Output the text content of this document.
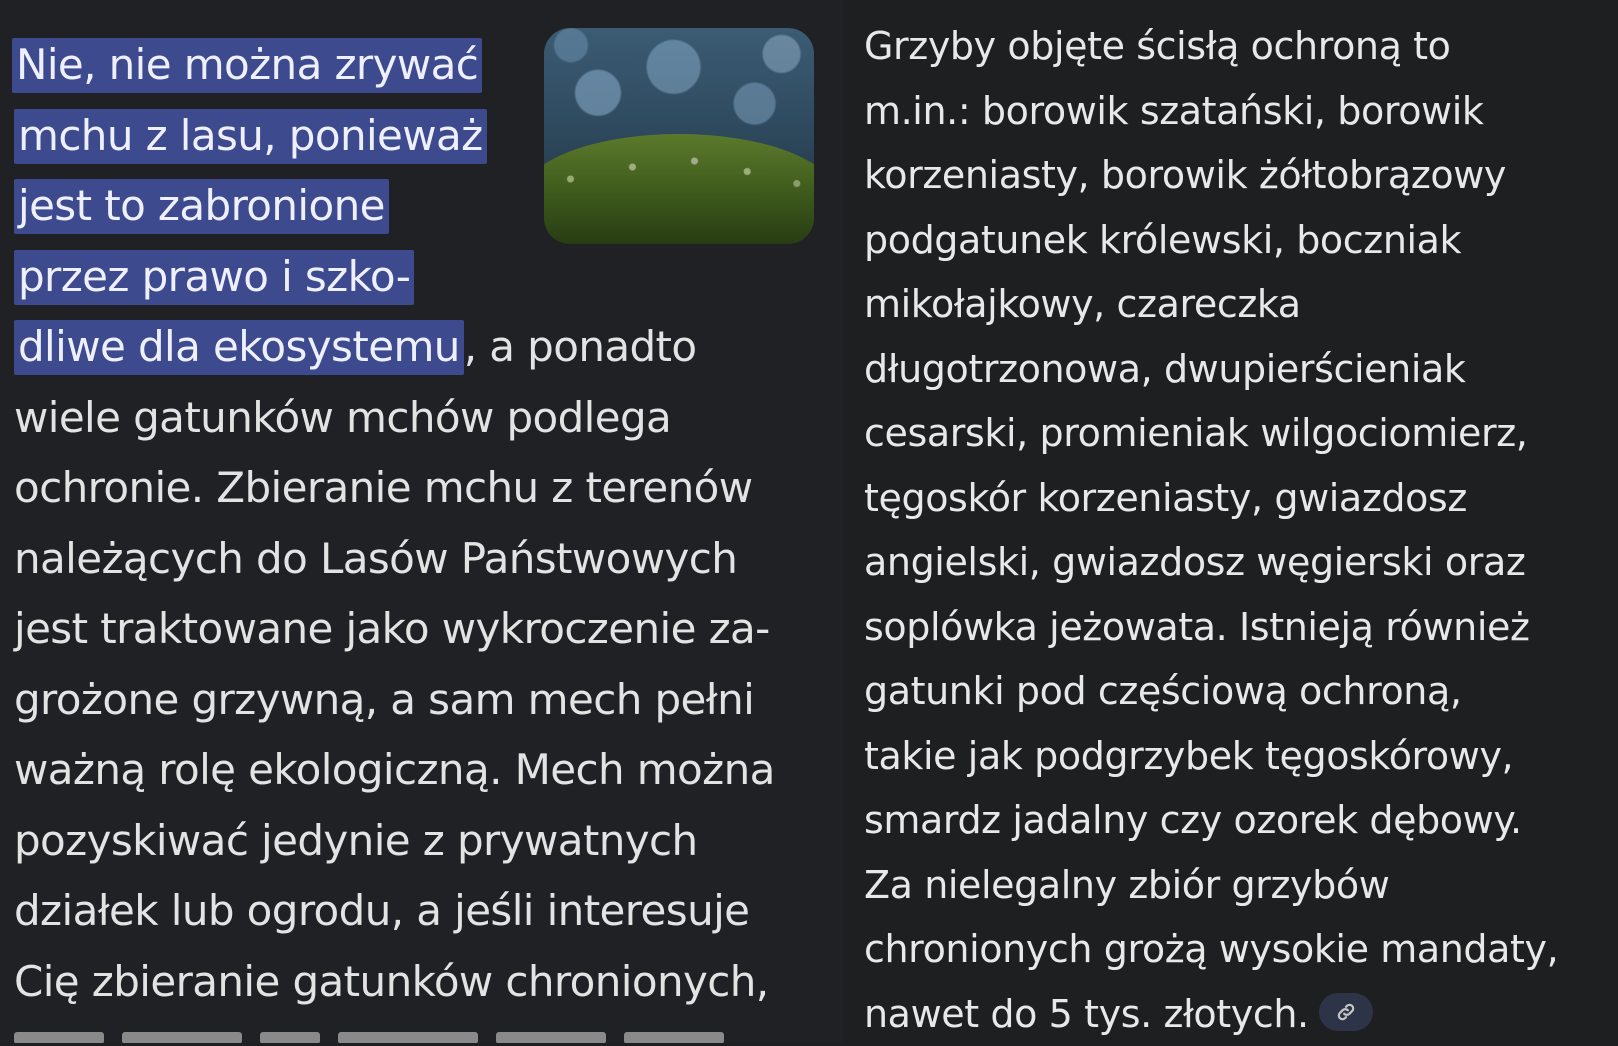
Nie, nie można zrywać
mchu z lasu, ponieważ
jest to zabronione
przez prawo i szko-
dliwe dla ekosystemu, a ponadto
wiele gatunków mchów podlega
ochronie. Zbieranie mchu z terenów
należących do Lasów Państwowych
jest traktowane jako wykroczenie za-
grożone grzywną, a sam mech pełni
ważną rolę ekologiczną. Mech można
pozyskiwać jedynie z prywatnych
działek lub ogrodu, a jeśli interesuje
Cię zbieranie gatunków chronionych,
Grzyby objęte ścisłą ochroną to
m.in.: borowik szatański, borowik
korzeniasty, borowik żółtobrązowy
podgatunek królewski, boczniak
mikołajkowy, czareczka
długotrzonowa, dwupierścieniak
cesarski, promieniak wilgociomierz,
tęgoskór korzeniasty, gwiazdosz
angielski, gwiazdosz węgierski oraz
soplówka jeżowata. Istnieją również
gatunki pod częściową ochroną,
takie jak podgrzybek tęgoskórowy,
smardz jadalny czy ozorek dębowy.
Za nielegalny zbiór grzybów
chronionych grożą wysokie mandaty,
nawet do 5 tys. złotych.
